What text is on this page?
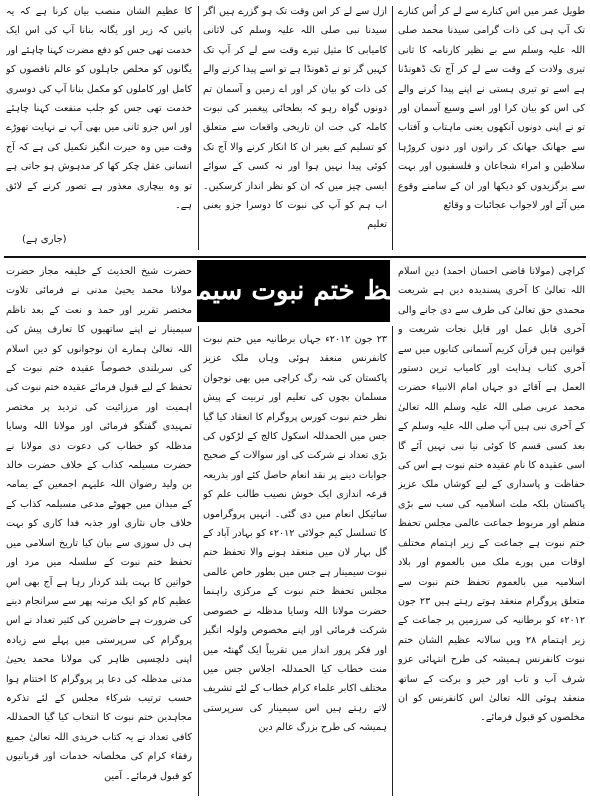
طویل عمر میں اس کنارے سے لے کر اُس کنارے تک آپ ہی کی ذات گرامی سیدنا محمد صلی اللہ علیہ وسلم سے بے نظیر کارنامہ کا ثانی تیری ولادت کے وقت سے لے کر آج تک ڈھونڈنا ہے اسے تو تیری ہستی نے اپنے پیدا کرنے والے کی اس کو بیان کرا اور اسے وسیع آسمان اور تو نے اپنی دونوں آنکھوں یعنی ماہتاب و آفتاب سے جھانک جھانک کر راتوں اور دنوں کروڑہا سلاطین و امراء شجاعان و فلسفیوں اور بہت سے برگزیدوں کو دیکھا اور ان کے سامنے وقوع میں آئے اور لاجواب عجائبات و وقائع

ازل سے لے کر اس وقت تک ہو گزرے ہیں اگر سیدنا نبی صلی اللہ علیہ وسلم کی لاثانی کامیابی کا مثیل تیرے وقت سے لے کر آپ تک کہیں گر تو نے ڈھونڈا ہے تو اسے پیدا کرنے والے کی ذات کو بیان کر اور اے زمین و آسمان تم دونوں گواہ رہو کہ بطحائی پیغمبر کی نبوت کاملہ کی جت ان تاریخی واقعات سے متعلق کو تسلیم کیے بغیر ان کا انکار کرنے والا آج تک کوئی پیدا نہیں ہوا اور نہ کسی کے سوائے ایسی چیز میں کہ ان کو نظر انداز کرسکیں۔ اب ہم کو آپ کی نبوت کا دوسرا جزو یعنی تعلیم

کا عظیم الشان منصب بیان کرنا ہے کہ یہ باتیں کہ زیر اور یگانہ بنانا آپ کی اس ایک خدمت تھی جس کو دفع مضرت کہنا چاہئے اور یگانوں کو مخلص جاہلوں کو عالم ناقصوں کو کامل اور کاملوں کو مکمل بنانا آپ کی دوسری خدمت تھی جس کو جلب منفعت کہنا چاہئے اور اس جزو ثانی میں بھی آپ نے نہایت تھوڑے وقت میں وہ حیرت انگیز تکمیل کی ہے کہ آج انسانی عقل چکر کھا کر مدہوش ہو جاتی ہے تو وہ بیچاری معذور ہے تصور کرنے کے لائق ہے۔

(جاری ہے)
تحفظ ختم نبوت سیمینار

کراچی (مولانا قاضی احسان احمد) دین اسلام اللہ تعالیٰ کا آخری پسندیدہ دین ہے شریعت محمدی حق تعالیٰ کی طرف سے دی جانے والی آخری قابل عمل اور قابل نجات شریعت و قوانین ہیں قرآن کریم آسمانی کتابوں میں سے آخری کتاب ہدایت اور کامیاب ترین دستور العمل ہے آقائے دو جہاں امام الانبیاء حضرت محمد عربی صلی اللہ علیہ وسلم اللہ تعالیٰ کے آخری نبی ہیں آپ صلی اللہ علیہ وسلم کے بعد کسی قسم کا کوئی نیا نبی نہیں آئے گا اسی عقیدہ کا نام عقیدہ ختم نبوت ہے اس کی حفاظت و پاسداری کے لیے کوشاں ملک عزیز پاکستان بلکہ ملت اسلامیہ کی سب سے بڑی منظم اور مربوط جماعت عالمی مجلس تحفظ ختم نبوت ہے جماعت کے زیر اہتمام مختلف اوقات میں پورے ملک میں بالعموم اور بلاد اسلامیہ میں بالعموم تحفظ ختم نبوت سے متعلق پروگرام منعقد ہوتے رہتے ہیں ۲۳ جون ۲۰۱۲ء کو برطانیہ کی سرزمین پر جماعت کے زیر اہتمام ۲۸ ویں سالانہ عظیم الشان ختم نبوت کانفرنس ہمیشہ کی طرح انتہائی عزو شرف آب و تاب اور خیر و برکت کے ساتھ منعقد ہوئی اللہ تعالیٰ اس کانفرنس کو ان مخلصوں کو قبول فرمائے۔

۲۳ جون ۲۰۱۲ء جہاں برطانیہ میں ختم نبوت کانفرنس منعقد ہوئی وہاں ملک عزیز پاکستان کی شہ رگ کراچی میں بھی نوجوان مسلمان بچوں کی تعلیم اور تربیت کے پیش نظر ختم نبوت کورس پروگرام کا انعقاد کیا گیا جس میں الحمدللہ اسکول کالج کے لڑکوں کی بڑی تعداد نے شرکت کی اور سوالات کے صحیح جوابات دینے پر نقد انعام حاصل کئے اور بذریعہ قرعہ اندازی ایک خوش نصیب طالب علم کو سائیکل انعام میں دی گئی۔ انہیں پروگراموں کا تسلسل کیم جولائی ۲۰۱۲ء کو بہادر آباد کے گل بہار لان میں منعقد ہونے والا تحفظ ختم نبوت سیمینار ہے جس میں بطور خاص عالمی مجلس تحفظ ختم نبوت کے مرکزی راہنما حضرت مولانا اللہ وسایا مدظلہ نے خصوصی شرکت فرمائی اور اپنے مخصوص ولولہ انگیز اور فکر پرور انداز میں تقریباً ایک گھنٹہ میں منت خطاب کیا الحمدللہ اجلاس جس میں مختلف اکابر علماء کرام خطاب کے لئے تشریف لاتے رہتے ہیں اس سیمینار کی سرپرستی ہمیشہ کی طرح بزرگ عالم دین

حضرت شیخ الحدیث کے خلیفہ مجاز حضرت مولانا محمد یحییٰ مدنی نے فرمائی تلاوت مختصر تقریر اور حمد و نعت کے بعد ناظم سیمینار نے اپنے ساتھیوں کا تعارف پیش کی اللہ تعالیٰ ہمارے ان نوجوانوں کو دین اسلام کی سربلندی خصوصاً عقیدہ ختم نبوت کے تحفظ کے لیے قبول فرمائے عقیدہ ختم نبوت کی اہمیت اور مرزائیت کی تردید پر مختصر تمہیدی گفتگو فرمائی اور مولانا اللہ وسایا مدظلہ کو خطاب کی دعوت دی مولانا نے حضرت مسیلمہ کذاب کے خلاف حضرت خالد بن ولید رضوان اللہ علیہم اجمعین کے یمامہ کے میدان میں جھوٹے مدعی مسیلمہ کذاب کے خلاف جاں نثاری اور جذبہ فدا کاری کو بہت ہی دل سوزی سے بیان کیا تاریخ اسلامی میں تحفظ ختم نبوت کے سلسلہ میں مرد اور خواتین کا بہت بلند کردار رہا ہے آج بھی اس عظیم کام کو ایک مرتبہ پھر سے سرانجام دینے کی ضرورت ہے حاضرین کی کثیر تعداد نے اس پروگرام کی سرپرستی میں پہلے سے زیادہ اپنی دلچسپی ظاہر کی مولانا محمد یحییٰ مدنی مدظلہ کی دعا پر پروگرام کا اختتام ہوا حسب ترتیب شرکاء مجلس کے لئے تذکرہ مجاہدین ختم نبوت کا انتخاب کیا گیا الحمدللہ کافی تعداد نے یہ کتاب خریدی اللہ تعالیٰ جمیع رفقاء کرام کی مخلصانہ خدمات اور قربانیوں کو قبول فرمائے۔ آمین
